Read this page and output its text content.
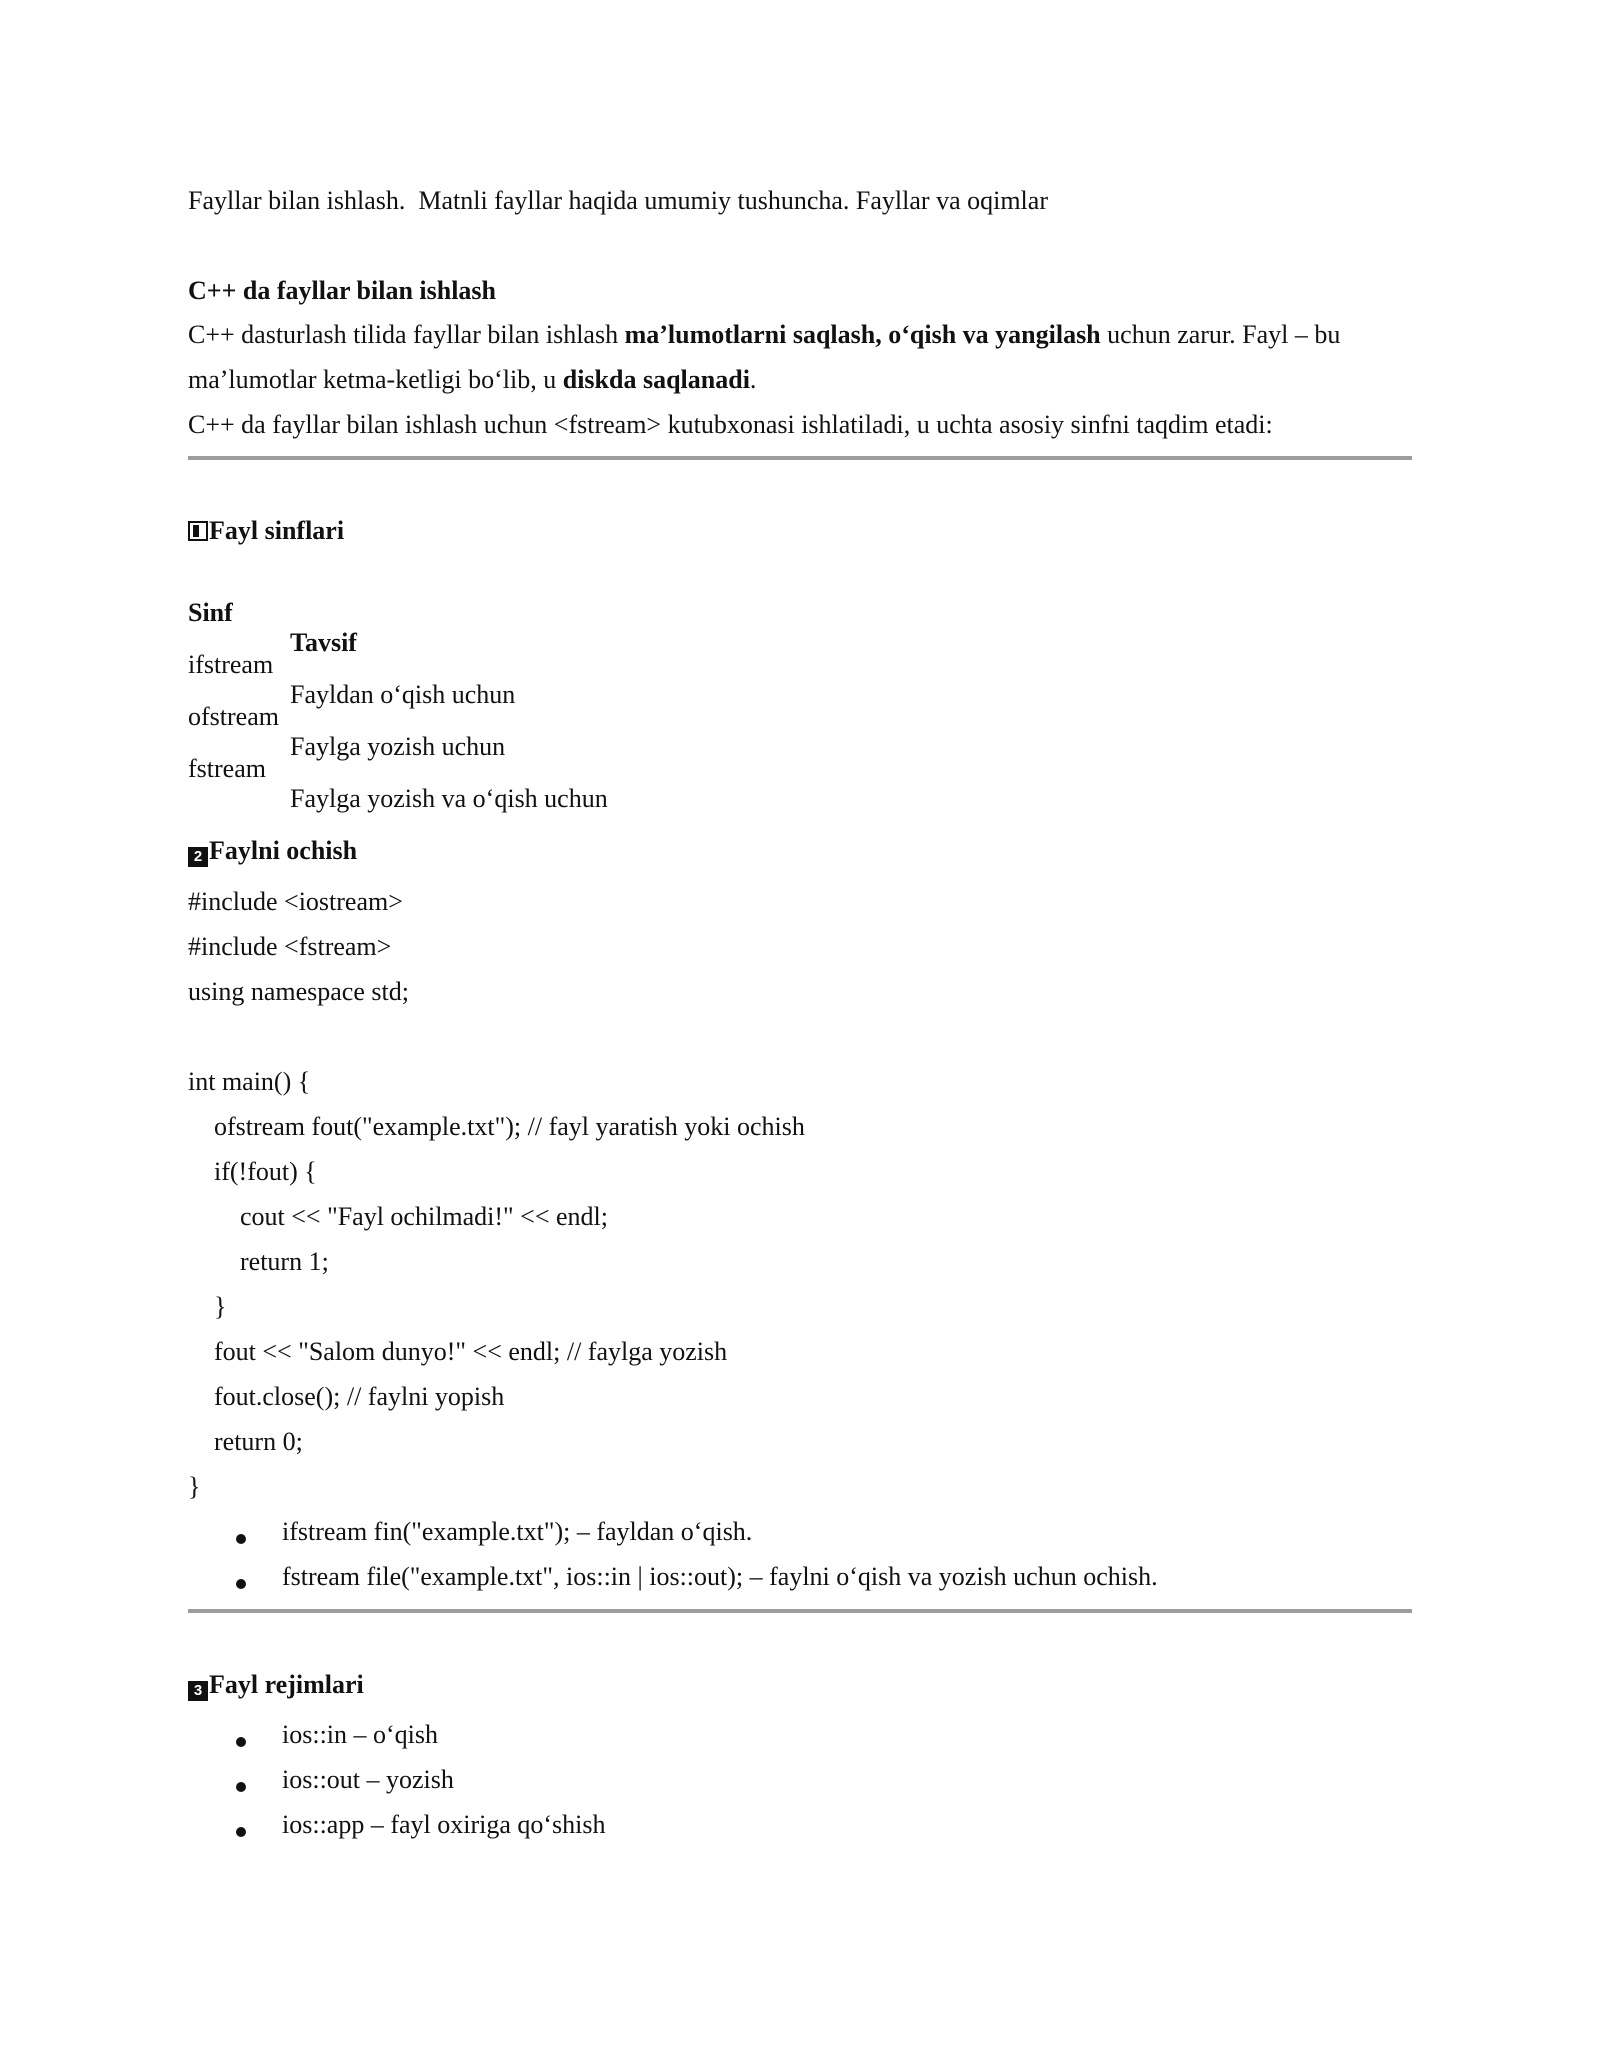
Fayllar bilan ishlash.  Matnli fayllar haqida umumiy tushuncha. Fayllar va oqimlar
C++ da fayllar bilan ishlash
C++ dasturlash tilida fayllar bilan ishlash ma’lumotlarni saqlash, o‘qish va yangilash uchun zarur. Fayl – bu
ma’lumotlar ketma-ketligi bo‘lib, u diskda saqlanadi.
C++ da fayllar bilan ishlash uchun <fstream> kutubxonasi ishlatiladi, u uchta asosiy sinfni taqdim etadi:
Fayl sinflari

Sinf

Tavsif

ifstream

Fayldan o‘qish uchun

ofstream

Faylga yozish uchun

fstream

Faylga yozish va o‘qish uchun

2 Faylni ochish
#include <iostream>
#include <fstream>
using namespace std;
int main() {
ofstream fout("example.txt"); // fayl yaratish yoki ochish
if(!fout) {
cout << "Fayl ochilmadi!" << endl;
return 1;
}
fout << "Salom dunyo!" << endl; // faylga yozish
fout.close(); // faylni yopish
return 0;
}
ifstream fin("example.txt"); – fayldan o‘qish.
fstream file("example.txt", ios::in | ios::out); – faylni o‘qish va yozish uchun ochish.
3 Fayl rejimlari
ios::in – o‘qish
ios::out – yozish
ios::app – fayl oxiriga qo‘shish
